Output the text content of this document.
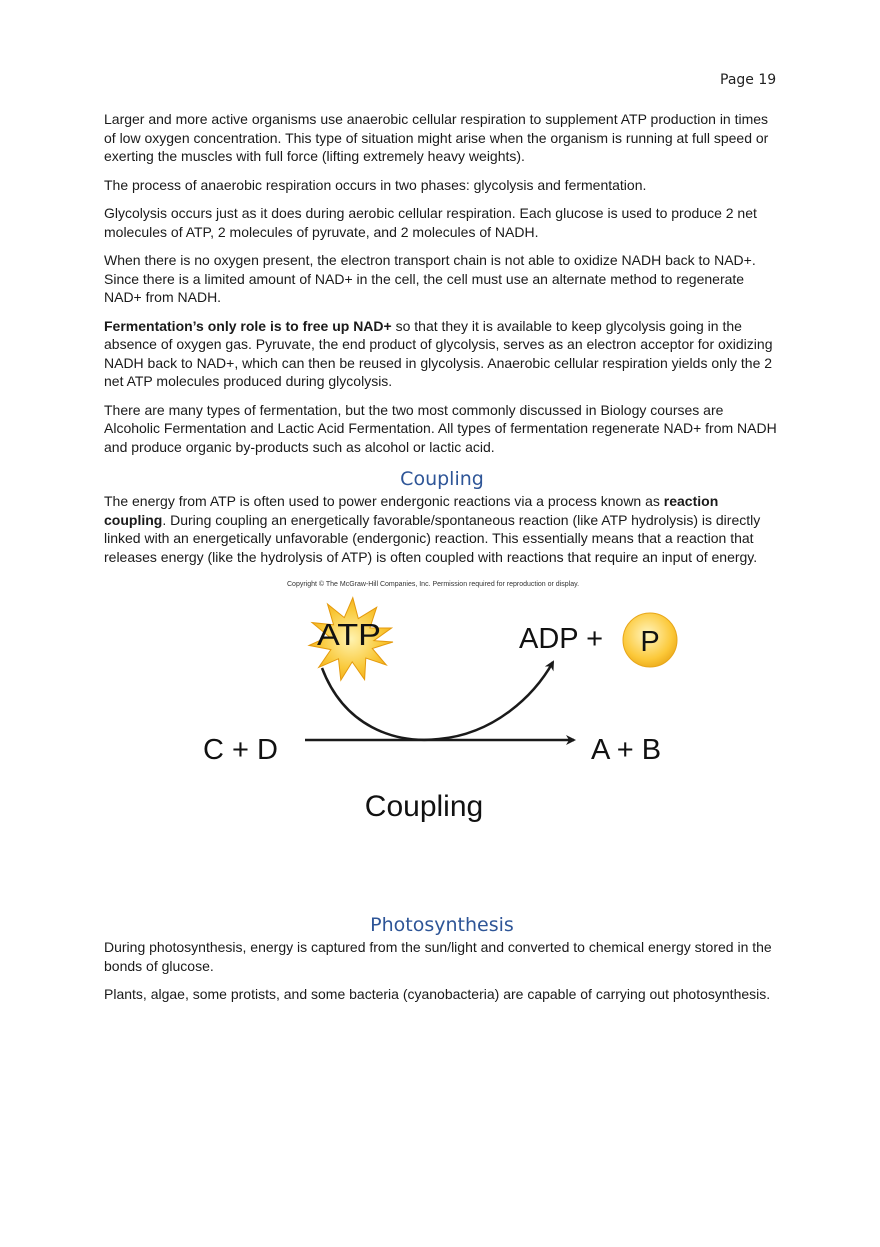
Page 19

Larger and more active organisms use anaerobic cellular respiration to supplement ATP production in times of low oxygen concentration. This type of situation might arise when the organism is running at full speed or exerting the muscles with full force (lifting extremely heavy weights).

The process of anaerobic respiration occurs in two phases: glycolysis and fermentation.

Glycolysis occurs just as it does during aerobic cellular respiration. Each glucose is used to produce 2 net molecules of ATP, 2 molecules of pyruvate, and 2 molecules of NADH.

When there is no oxygen present, the electron transport chain is not able to oxidize NADH back to NAD+. Since there is a limited amount of NAD+ in the cell, the cell must use an alternate method to regenerate NAD+ from NADH.

Fermentation’s only role is to free up NAD+ so that they it is available to keep glycolysis going in the absence of oxygen gas. Pyruvate, the end product of glycolysis, serves as an electron acceptor for oxidizing NADH back to NAD+, which can then be reused in glycolysis. Anaerobic cellular respiration yields only the 2 net ATP molecules produced during glycolysis.

There are many types of fermentation, but the two most commonly discussed in Biology courses are Alcoholic Fermentation and Lactic Acid Fermentation. All types of fermentation regenerate NAD+ from NADH and produce organic by-products such as alcohol or lactic acid.

Coupling

The energy from ATP is often used to power endergonic reactions via a process known as reaction coupling. During coupling an energetically favorable/spontaneous reaction (like ATP hydrolysis) is directly linked with an energetically unfavorable (endergonic) reaction. This essentially means that a reaction that releases energy (like the hydrolysis of ATP) is often coupled with reactions that require an input of energy.

Copyright © The McGraw-Hill Companies, Inc. Permission required for reproduction or display.
ATP	ADP + P
C + D	A + B
Coupling
Photosynthesis

During photosynthesis, energy is captured from the sun/light and converted to chemical energy stored in the bonds of glucose.

Plants, algae, some protists, and some bacteria (cyanobacteria) are capable of carrying out photosynthesis.
